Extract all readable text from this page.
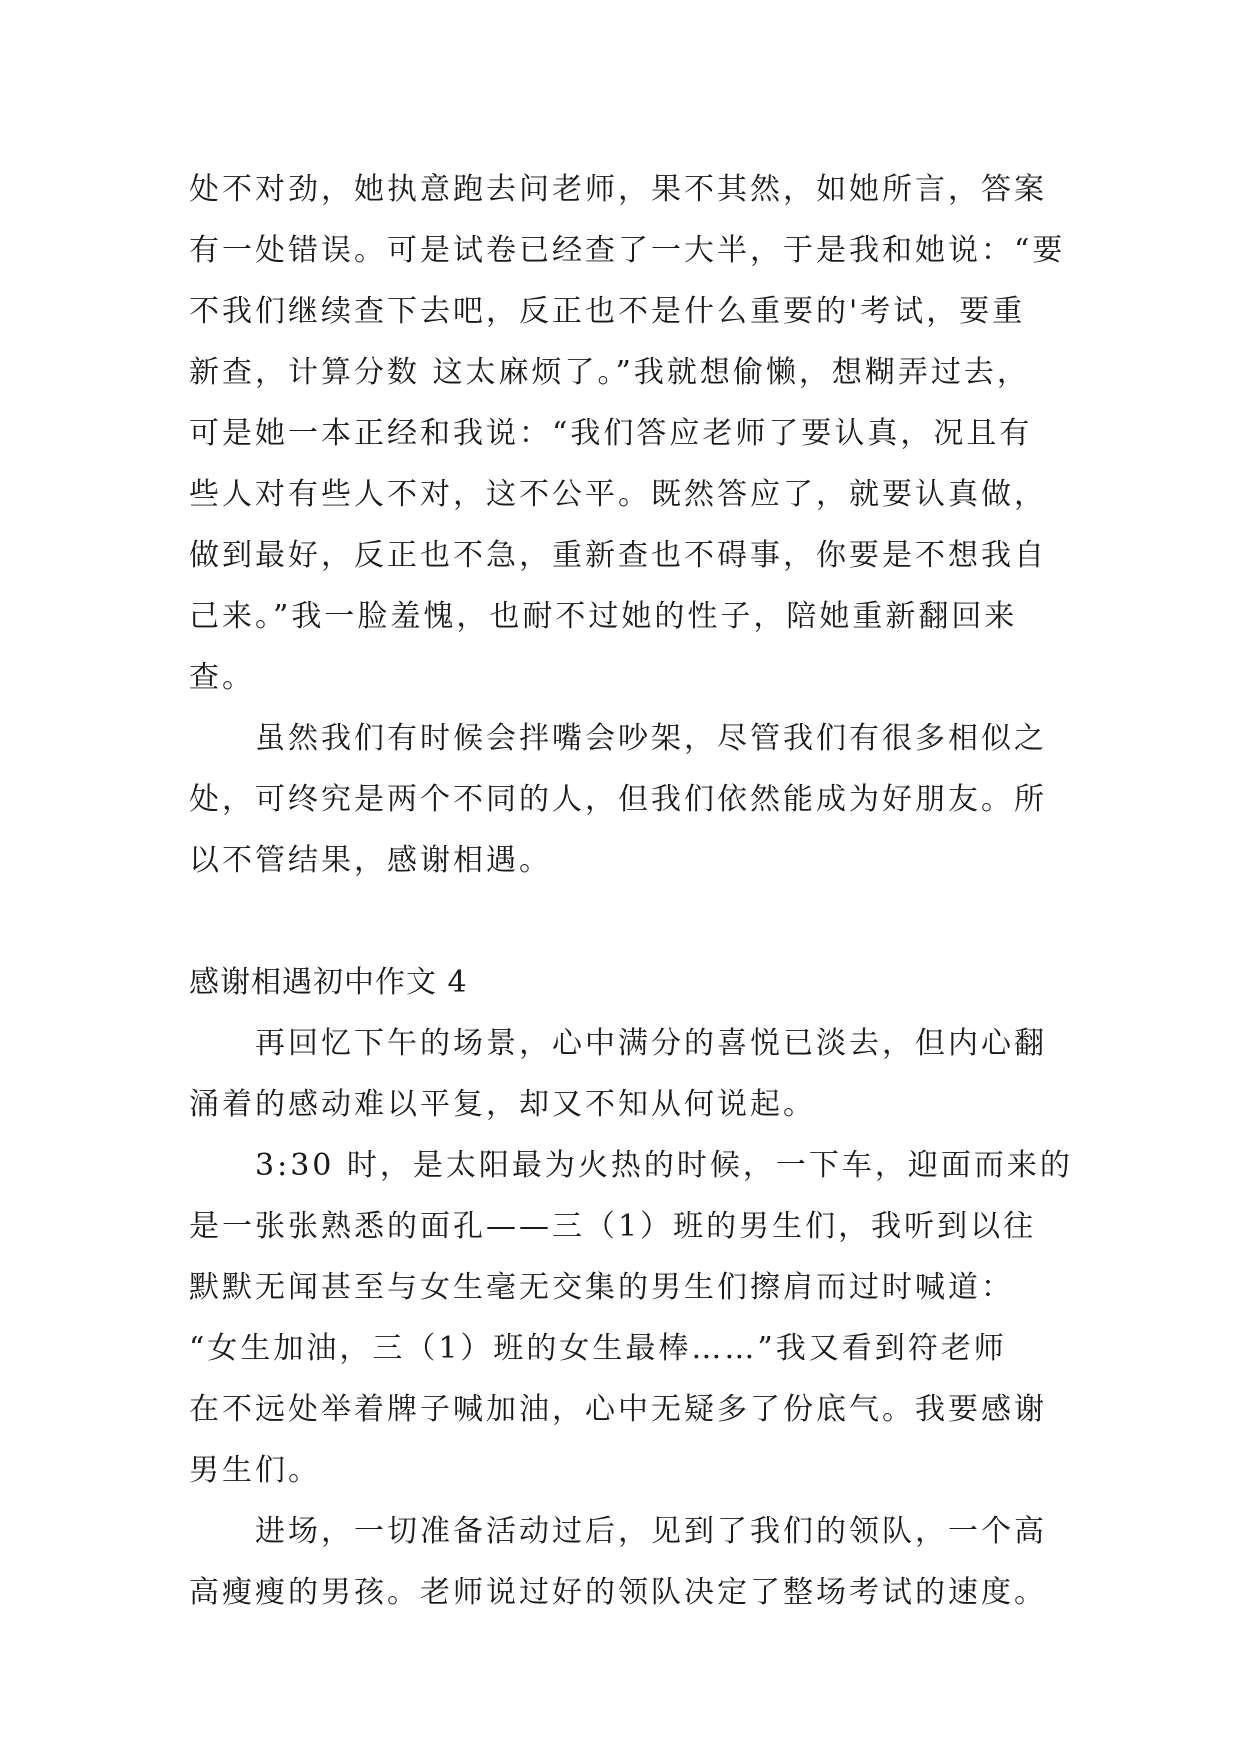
处不对劲，她执意跑去问老师，果不其然，如她所言，答案
有一处错误。可是试卷已经查了一大半，于是我和她说：“要
不我们继续查下去吧，反正也不是什么重要的'考试，要重
新查，计算分数 这太麻烦了。”我就想偷懒，想糊弄过去，
可是她一本正经和我说：“我们答应老师了要认真，况且有
些人对有些人不对，这不公平。既然答应了，就要认真做，
做到最好，反正也不急，重新查也不碍事，你要是不想我自
己来。”我一脸羞愧，也耐不过她的性子，陪她重新翻回来
查。
虽然我们有时候会拌嘴会吵架，尽管我们有很多相似之
处，可终究是两个不同的人，但我们依然能成为好朋友。所
以不管结果，感谢相遇。
感谢相遇初中作文 4
再回忆下午的场景，心中满分的喜悦已淡去，但内心翻
涌着的感动难以平复，却又不知从何说起。
3:30 时，是太阳最为火热的时候，一下车，迎面而来的
是一张张熟悉的面孔——三（1）班的男生们，我听到以往
默默无闻甚至与女生毫无交集的男生们擦肩而过时喊道：
“女生加油，三（1）班的女生最棒……”我又看到符老师
在不远处举着牌子喊加油，心中无疑多了份底气。我要感谢
男生们。
进场，一切准备活动过后，见到了我们的领队，一个高
高瘦瘦的男孩。老师说过好的领队决定了整场考试的速度。
